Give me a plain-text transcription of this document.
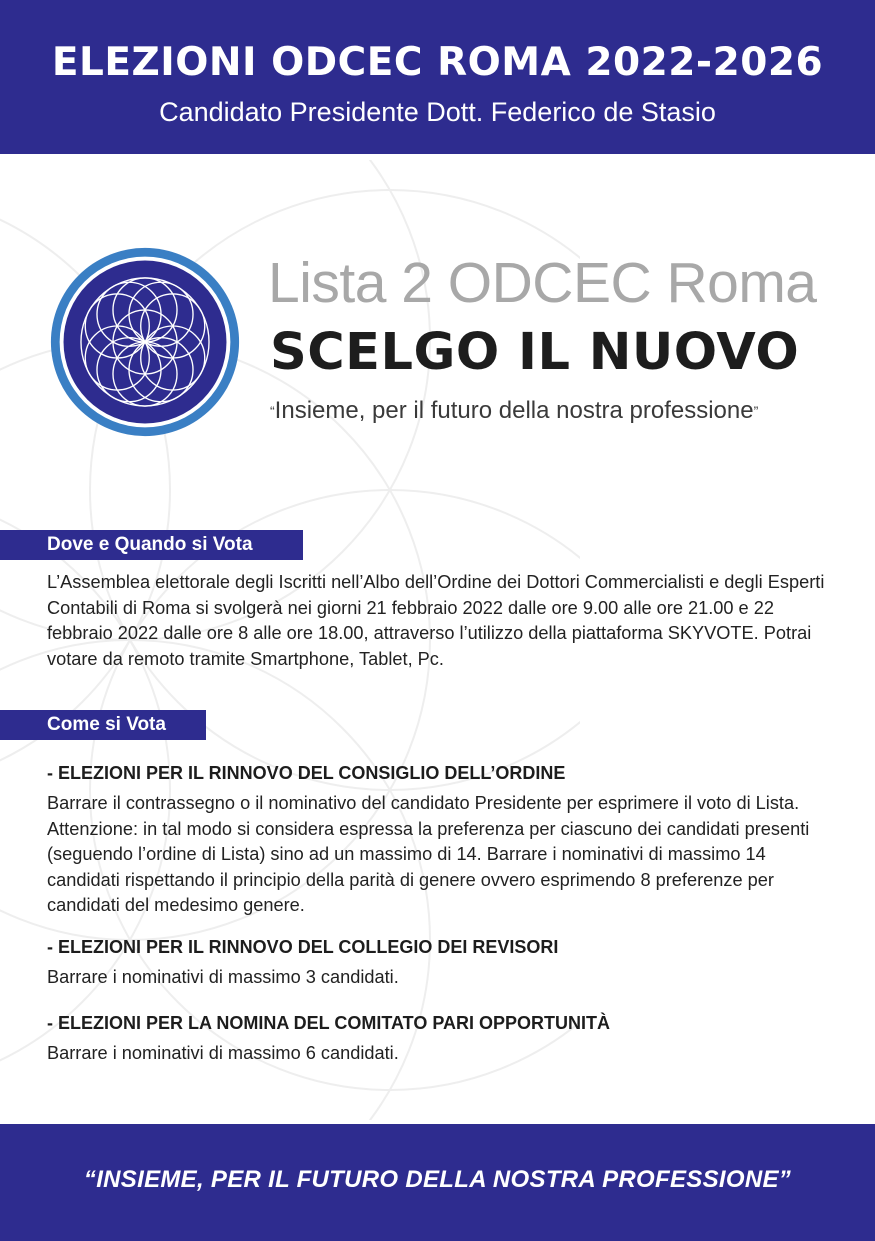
ELEZIONI ODCEC ROMA 2022-2026
Candidato Presidente Dott. Federico de Stasio
Lista 2 ODCEC Roma
SCELGO IL NUOVO
“Insieme, per il futuro della nostra professione”
Dove e Quando si Vota
L’Assemblea elettorale degli Iscritti nell’Albo dell’Ordine dei Dottori Commercialisti e degli Esperti Contabili di Roma si svolgerà nei giorni 21 febbraio 2022 dalle ore 9.00 alle ore 21.00 e 22 febbraio 2022 dalle ore 8 alle ore 18.00, attraverso l’utilizzo della piattaforma SKYVOTE. Potrai votare da remoto tramite Smartphone, Tablet, Pc.
Come si Vota
- ELEZIONI PER IL RINNOVO DEL CONSIGLIO DELL’ORDINE
Barrare il contrassegno o il nominativo del candidato Presidente per esprimere il voto di Lista. Attenzione: in tal modo si considera espressa la preferenza per ciascuno dei candidati presenti (seguendo l’ordine di Lista) sino ad un massimo di 14. Barrare i nominativi di massimo 14 candidati rispettando il principio della parità di genere ovvero esprimendo 8 preferenze per candidati del medesimo genere.
- ELEZIONI PER IL RINNOVO DEL COLLEGIO DEI REVISORI
Barrare i nominativi di massimo 3 candidati.
- ELEZIONI PER LA NOMINA DEL COMITATO PARI OPPORTUNITÀ
Barrare i nominativi di massimo 6 candidati.
“INSIEME, PER IL FUTURO DELLA NOSTRA PROFESSIONE”
